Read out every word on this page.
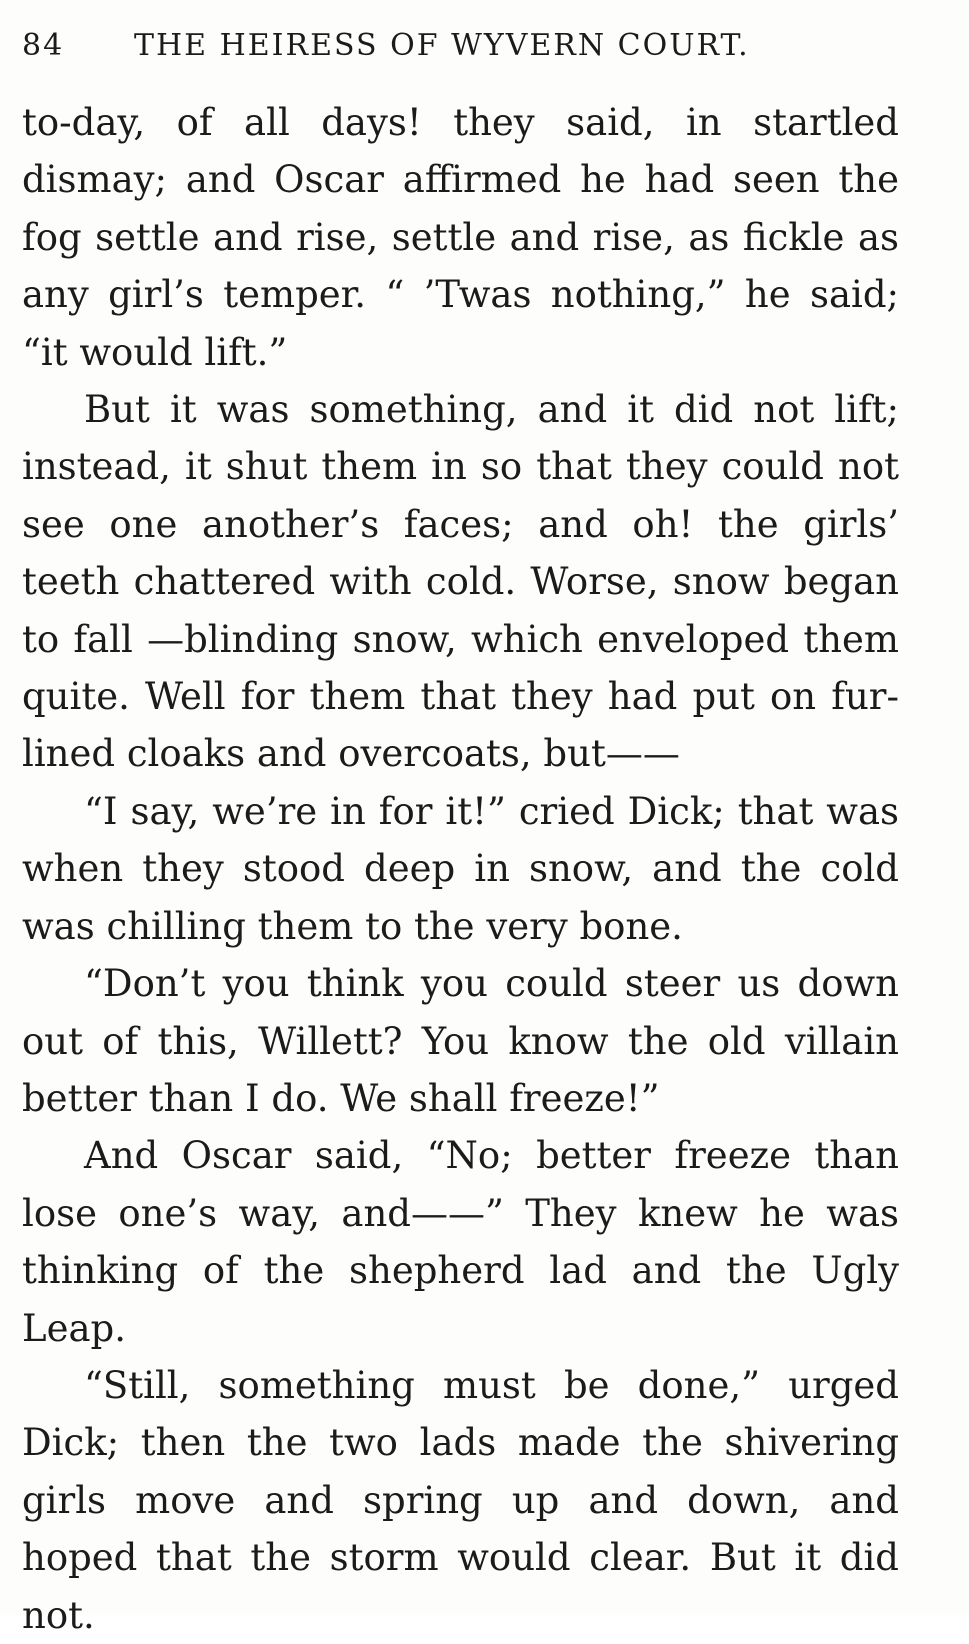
84 THE HEIRESS OF WYVERN COURT.

to-day, of all days! they said, in startled dismay; and Oscar affirmed he had seen the fog settle and rise, settle and rise, as fickle as any girl’s temper. “ ’Twas nothing,” he said; “it would lift.”

But it was something, and it did not lift; instead, it shut them in so that they could not see one another’s faces; and oh! the girls’ teeth chattered with cold. Worse, snow began to fall —blinding snow, which enveloped them quite. Well for them that they had put on fur-lined cloaks and overcoats, but——

“I say, we’re in for it!” cried Dick; that was when they stood deep in snow, and the cold was chilling them to the very bone.

“Don’t you think you could steer us down out of this, Willett? You know the old villain better than I do. We shall freeze!”

And Oscar said, “No; better freeze than lose one’s way, and——” They knew he was thinking of the shepherd lad and the Ugly Leap.

“Still, something must be done,” urged Dick; then the two lads made the shivering girls move and spring up and down, and hoped that the storm would clear. But it did not.
